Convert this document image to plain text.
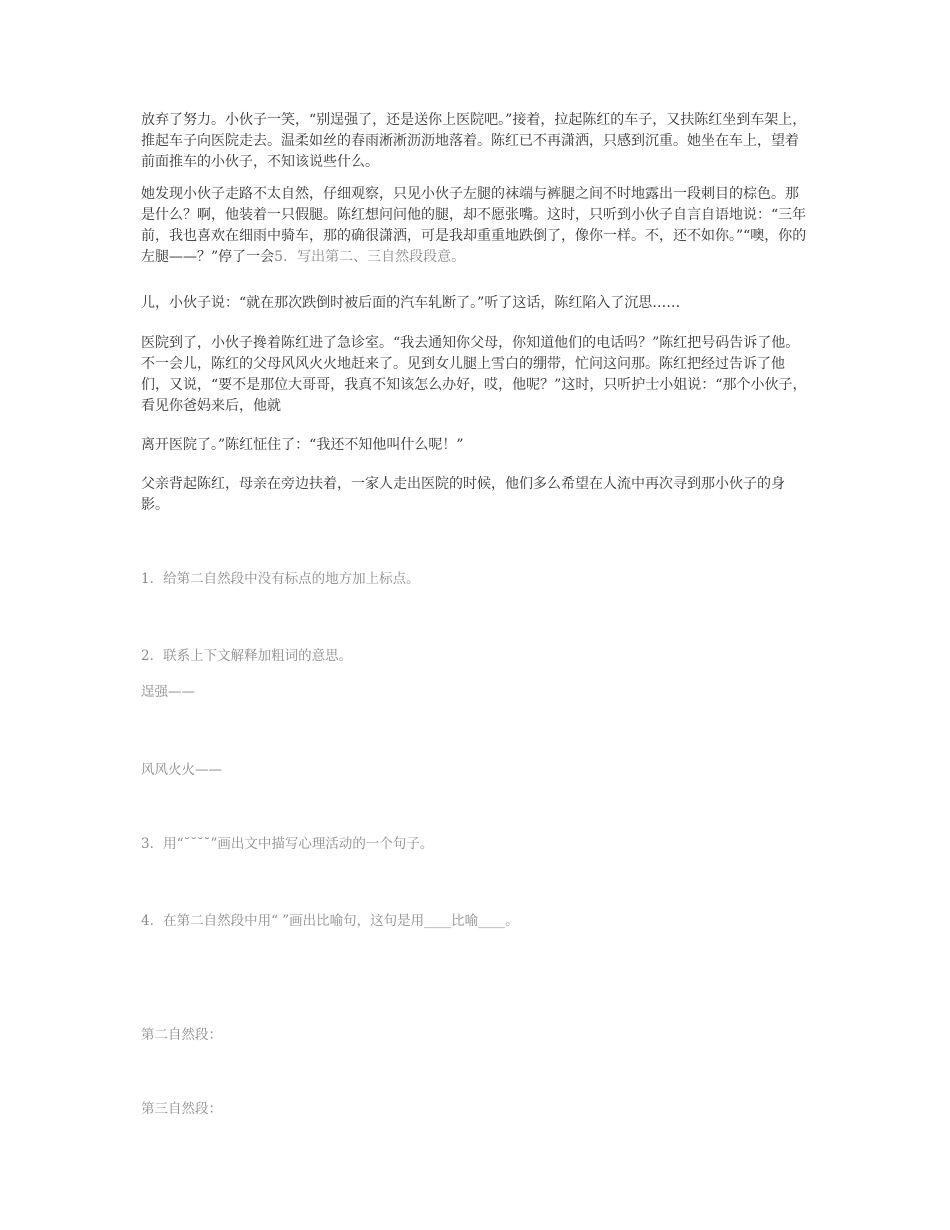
放弃了努力。小伙子一笑，“别逞强了，还是送你上医院吧。”接着，拉起陈红的车子，又扶陈红坐到车架上，推起车子向医院走去。温柔如丝的春雨淅淅沥沥地落着。陈红已不再潇洒，只感到沉重。她坐在车上，望着前面推车的小伙子，不知该说些什么。

她发现小伙子走路不太自然，仔细观察，只见小伙子左腿的袜端与裤腿之间不时地露出一段刺目的棕色。那是什么？啊，他装着一只假腿。陈红想问问他的腿，却不愿张嘴。这时，只听到小伙子自言自语地说：“三年前，我也喜欢在细雨中骑车，那的确很潇洒，可是我却重重地跌倒了，像你一样。不，还不如你。”“噢，你的左腿——？”停了一会5．写出第二、三自然段段意。

儿，小伙子说：“就在那次跌倒时被后面的汽车轧断了。”听了这话，陈红陷入了沉思……

医院到了，小伙子搀着陈红进了急诊室。“我去通知你父母，你知道他们的电话吗？”陈红把号码告诉了他。不一会儿，陈红的父母风风火火地赶来了。见到女儿腿上雪白的绷带，忙问这问那。陈红把经过告诉了他们，又说，“要不是那位大哥哥，我真不知该怎么办好，哎，他呢？”这时，只听护士小姐说：“那个小伙子，看见你爸妈来后，他就

离开医院了。”陈红怔住了：“我还不知他叫什么呢！”

父亲背起陈红，母亲在旁边扶着，一家人走出医院的时候，他们多么希望在人流中再次寻到那小伙子的身影。

1．给第二自然段中没有标点的地方加上标点。

2．联系上下文解释加粗词的意思。

逞强——

风风火火——

3．用“˘˘˘˘”画出文中描写心理活动的一个句子。

4．在第二自然段中用“ ”画出比喻句，这句是用____比喻____。

第二自然段：

第三自然段：
